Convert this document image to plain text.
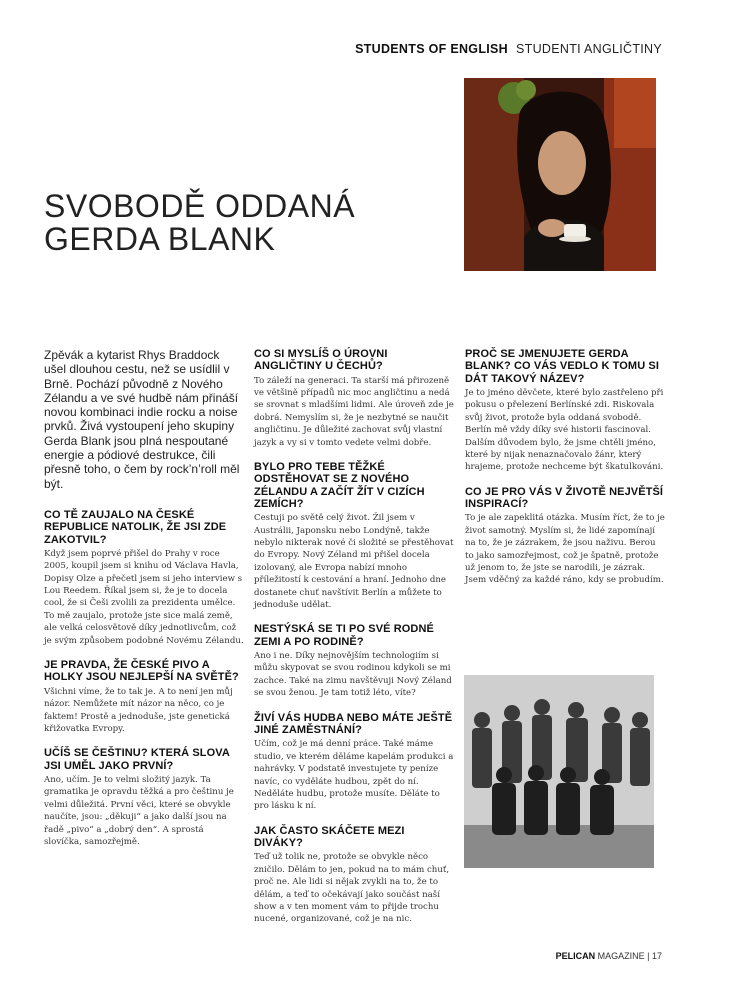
STUDENTS OF ENGLISH STUDENTI ANGLIČTINY
SVOBODĚ ODDANÁ
GERDA BLANK
Zpěvák a kytarist Rhys Braddock ušel dlouhou cestu, než se usídlil v Brně. Pochází původně z Nového Zélandu a ve své hudbě nám přináší novou kombinaci indie rocku a noise prvků. Živá vystoupení jeho skupiny Gerda Blank jsou plná nespoutané energie a pódiové destrukce, čili přesně toho, o čem by rock’n’roll měl být.
CO TĚ ZAUJALO NA ČESKÉ REPUBLICE NATOLIK, ŽE JSI ZDE ZAKOTVIL?
Když jsem poprvé přišel do Prahy v roce 2005, koupil jsem si knihu od Václava Havla, Dopisy Olze a přečetl jsem si jeho interview s Lou Reedem. Říkal jsem si, že je to docela cool, že si Češi zvolili za prezidenta umělce. To mě zaujalo, protože jste sice malá země, ale velká celosvětově díky jednotlivcům, což je svým způsobem podobné Novému Zélandu.
JE PRAVDA, ŽE ČESKÉ PIVO A HOLKY JSOU NEJLEPŠÍ NA SVĚTĚ?
Všichni víme, že to tak je. A to není jen můj názor. Nemůžete mít názor na něco, co je faktem! Prostě a jednoduše, jste genetická křižovatka Evropy.
UČÍŠ SE ČEŠTINU? KTERÁ SLOVA JSI UMĚL JAKO PRVNÍ?
Ano, učím. Je to velmi složitý jazyk. Ta gramatika je opravdu těžká a pro češtinu je velmi důležitá. První věci, které se obvykle naučíte, jsou: „děkuji“ a jako další jsou na řadě „pivo“ a „dobrý den“. A sprostá slovíčka, samozřejmě.
CO SI MYSLÍŠ O ÚROVNI ANGLIČTINY U ČECHŮ?
To záleží na generaci. Ta starší má přirozeně ve většině případů nic moc angličtinu a nedá se srovnat s mladšími lidmi. Ale úroveň zde je dobrá. Nemyslím si, že je nezbytné se naučit angličtinu. Je důležité zachovat svůj vlastní jazyk a vy si v tomto vedete velmi dobře.
BYLO PRO TEBE TĚŽKÉ ODSTĚHOVAT SE Z NOVÉHO ZÉLANDU A ZAČÍT ŽÍT V CIZÍCH ZEMÍCH?
Cestuji po světě celý život. Žil jsem v Austrálii, Japonsku nebo Londýně, takže nebylo nikterak nové či složité se přestěhovat do Evropy. Nový Zéland mi přišel docela izolovaný, ale Evropa nabízí mnoho příležitostí k cestování a hraní. Jednoho dne dostanete chuť navštívit Berlín a můžete to jednoduše udělat.
NESTÝSKÁ SE TI PO SVÉ RODNÉ ZEMI A PO RODINĚ?
Ano i ne. Díky nejnovějším technologiím si můžu skypovat se svou rodinou kdykoli se mi zachce. Také na zimu navštěvuji Nový Zéland se svou ženou. Je tam totiž léto, víte?
ŽIVÍ VÁS HUDBA NEBO MÁTE JEŠTĚ JINÉ ZAMĚSTNÁNÍ?
Učím, což je má denní práce. Také máme studio, ve kterém děláme kapelám produkci a nahrávky. V podstatě investujete ty peníze navíc, co vyděláte hudbou, zpět do ní. Neděláte hudbu, protože musíte. Děláte to pro lásku k ní.
JAK ČASTO SKÁČETE MEZI DIVÁKY?
Teď už tolik ne, protože se obvykle něco zničilo. Dělám to jen, pokud na to mám chuť, proč ne. Ale lidi si nějak zvykli na to, že to dělám, a teď to očekávají jako součást naší show a v ten moment vám to přijde trochu nucené, organizované, což je na nic.
PROČ SE JMENUJETE GERDA BLANK? CO VÁS VEDLO K TOMU SI DÁT TAKOVÝ NÁZEV?
Je to jméno děvčete, které bylo zastřeleno při pokusu o přelezení Berlínské zdi. Riskovala svůj život, protože byla oddaná svobodě. Berlín mě vždy díky své historii fascinoval. Dalším důvodem bylo, že jsme chtěli jméno, které by nijak nenaznačovalo žánr, který hrajeme, protože nechceme být škatulkováni.
CO JE PRO VÁS V ŽIVOTĚ NEJVĚTŠÍ INSPIRACÍ?
To je ale zapeklitá otázka. Musím říct, že to je život samotný. Myslím si, že lidé zapomínají na to, že je zázrakem, že jsou naživu. Berou to jako samozřejmost, což je špatně, protože už jenom to, že jste se narodili, je zázrak. Jsem vděčný za každé ráno, kdy se probudím.
PELICAN MAGAZINE | 17
